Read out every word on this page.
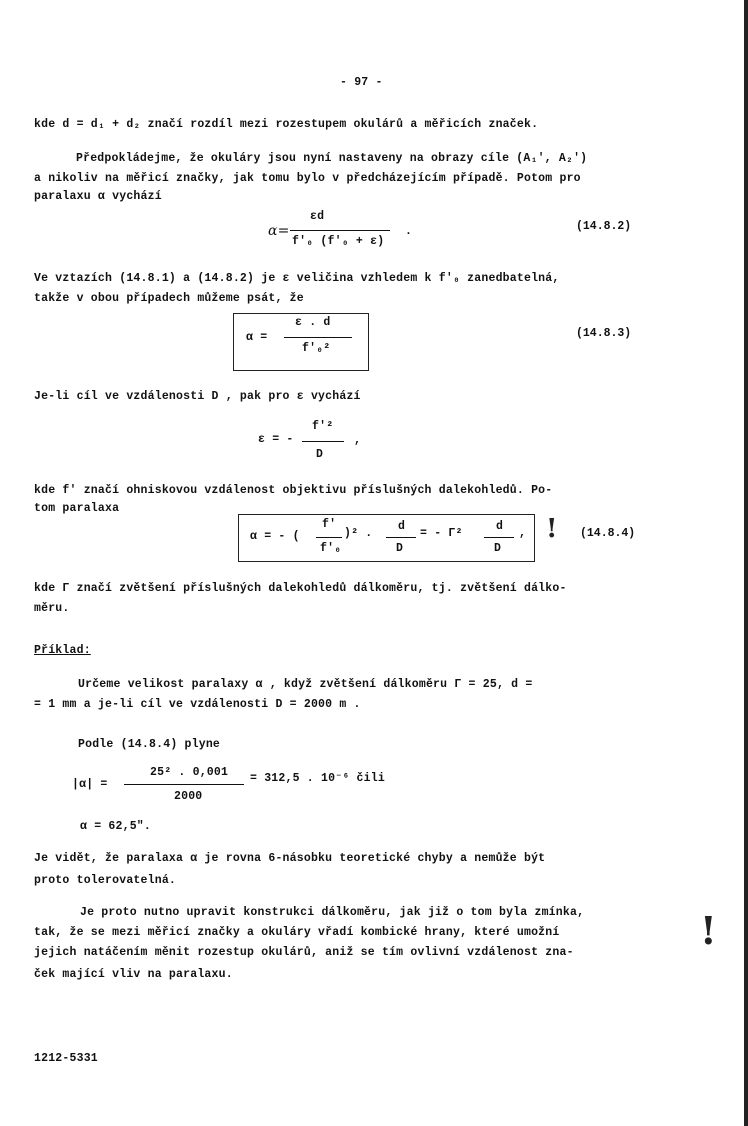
- 97 -
kde d = d₁ + d₂ značí rozdíl mezi rozestupem okulárů a měřicích značek.
Předpokládejme, že okuláry jsou nyní nastaveny na obrazy cíle (A₁′, A₂′)
a nikoliv na měřicí značky, jak tomu bylo v předcházejícím případě. Potom pro
paralaxu α vychází
α=
εd
f′₀ (f′₀ + ε)
.	(14.8.2)
Ve vztazích (14.8.1) a (14.8.2) je ε veličina vzhledem k f′₀ zanedbatelná,
takže v obou případech můžeme psát, že
α =
ε . d
f′₀²
(14.8.3)
Je-li cíl ve vzdálenosti D , pak pro ε vychází
ε = -
f′²
D
,
kde f′ značí ohniskovou vzdálenost objektivu příslušných dalekohledů. Po-
tom paralaxa
α = - (
f′
f′₀
)² .
d
D
= - Γ²
d
D
, ! (14.8.4)
kde Γ značí zvětšení příslušných dalekohledů dálkoměru, tj. zvětšení dálko-
měru.
Příklad:
Určeme velikost paralaxy α , když zvětšení dálkoměru Γ = 25, d =
= 1 mm a je-li cíl ve vzdálenosti D = 2000 m .
Podle (14.8.4) plyne
|α| =
25² . 0,001
2000
= 312,5 . 10⁻⁶ čili
α = 62,5".
Je vidět, že paralaxa α je rovna 6-násobku teoretické chyby a nemůže být
proto tolerovatelná.
Je proto nutno upravit konstrukci dálkoměru, jak již o tom byla zmínka,
tak, že se mezi měřicí značky a okuláry vřadí kombické hrany, které umožní
jejich natáčením měnit rozestup okulárů, aniž se tím ovlivní vzdálenost zna-
ček mající vliv na paralaxu.
!
1212-5331
